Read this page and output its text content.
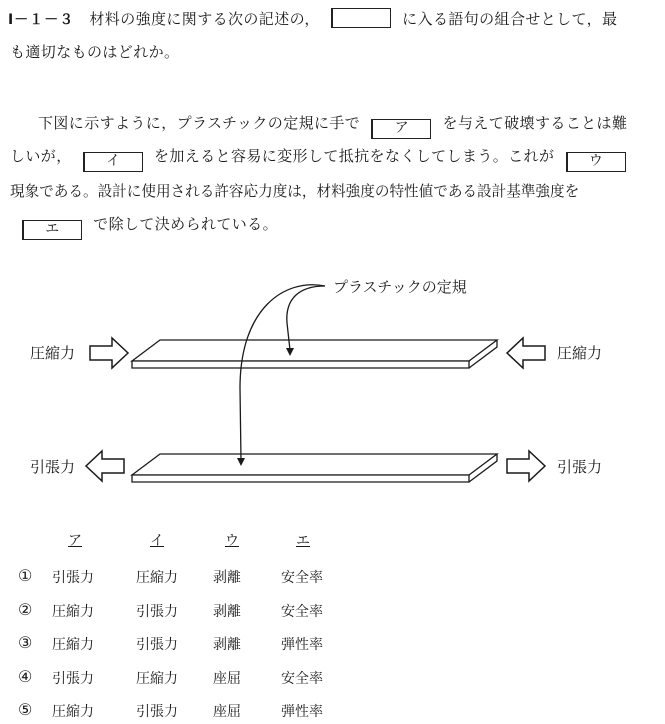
Ⅰ－１－３ 材料の強度に関する次の記述の，	に入る語句の組合せとして，最
も適切なものはどれか。
下図に示すように，プラスチックの定規に手で ア を与えて破壊することは難
しいが， イ を加えると容易に変形して抵抗をなくしてしまう。これが ウ
現象である。設計に使用される許容応力度は，材料強度の特性値である設計基準強度を
エ で除して決められている。
プラスチックの定規
圧縮力	圧縮力
引張力	引張力
ア	イ	ウ	エ
① 引張力	圧縮力	剥離	安全率
② 圧縮力	引張力	剥離	安全率
③ 圧縮力	引張力	剥離	弾性率
④ 引張力	圧縮力	座屈	安全率
⑤ 圧縮力	引張力	座屈	弾性率
